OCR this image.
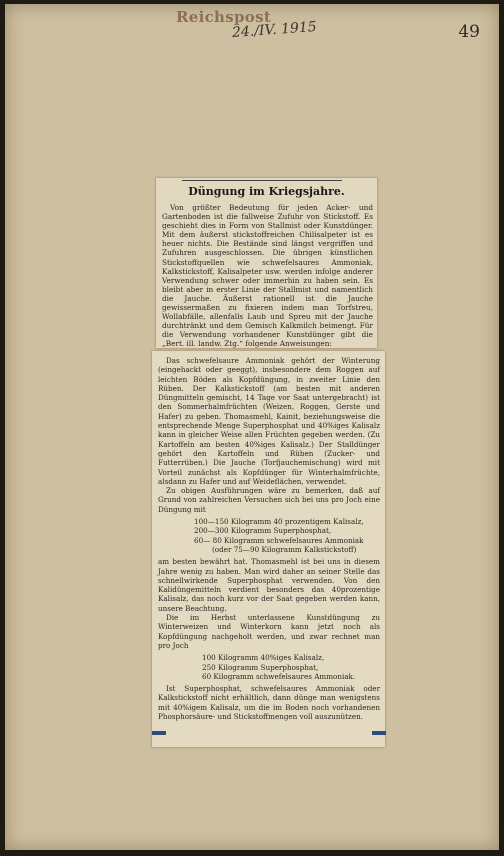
Reichspost
24./IV. 1915	49
Düngung im Kriegsjahre.

Von größter Bedeutung für jeden Acker- und Gartenboden ist die fallweise Zufuhr von Stickstoff. Es geschieht dies in Form von Stallmist oder Kunstdünger. Mit dem äußerst stickstoffreichen Chilisalpeter ist es heuer nichts. Die Bestände sind längst vergriffen und Zufuhren ausgeschlossen. Die übrigen künstlichen Stickstoffquellen wie schwefelsaures Ammoniak, Kalkstickstoff, Kalisalpeter usw. werden infolge anderer Verwendung schwer oder immerhin zu haben sein. Es bleibt aber in erster Linie der Stallmist und namentlich die Jauche. Äußerst rationell ist die Jauche gewissermaßen zu fixieren indem man Torfstreu, Wollabfälle, allenfalls Laub und Spreu mit der Jauche durchtränkt und dem Gemisch Kalkmilch beimengt. Für die Verwendung vorhandener Kunstdünger gibt die „Bert. ill. landw. Ztg.“ folgende Anweisungen:

Das schwefelsaure Ammoniak gehört der Winterung (eingehackt oder geeggt), insbesondere dem Roggen auf leichten Böden als Kopfdüngung, in zweiter Linie den Rüben. Der Kalkstickstoff (am besten mit anderen Düngmitteln gemischt, 14 Tage vor Saat untergebracht) ist den Sommerhalmfrüchten (Weizen, Roggen, Gerste und Hafer) zu geben. Thomasmehl, Kainit, beziehungsweise die entsprechende Menge Superphosphat und 40%iges Kalisalz kann in gleicher Weise allen Früchten gegeben werden. (Zu Kartoffeln am besten 40%iges Kalisalz.) Der Stalldünger gehört den Kartoffeln und Rüben (Zucker- und Futterrüben.) Die Jauche (Torfjauchemischung) wird mit Vorteil zunächst als Kopfdünger für Winterhalmfrüchte, alsdann zu Hafer und auf Weideflächen, verwendet.

Zu obigen Ausführungen wäre zu bemerken, daß auf Grund von zahlreichen Versuchen sich bei uns pro Joch eine Düngung mit

100—150 Kilogramm 40 prozentigem Kalisalz,
200—300 Kilogramm Superphosphat,
60— 80 Kilogramm schwefelsaures Ammoniak
(oder 75—90 Kilogramm Kalkstickstoff)

am besten bewährt hat. Thomasmehl ist bei uns in diesem Jahre wenig zu haben. Man wird daher an seiner Stelle das schnellwirkende Superphosphat verwenden. Von den Kalidüngemitteln verdient besonders das 40prozentige Kalisalz, das noch kurz vor der Saat gegeben werden kann, unsere Beachtung.

Die im Herbst unterlassene Kunstdüngung zu Winterweizen und Winterkorn kann jetzt noch als Kopfdüngung nachgeholt werden, und zwar rechnet man pro Joch

100 Kilogramm 40%iges Kalisalz,
250 Kilogramm Superphosphat,
60 Kilogramm schwefelsaures Ammoniak.

Ist Superphosphat, schwefelsaures Ammoniak oder Kalkstickstoff nicht erhältlich, dann dünge man wenigstens mit 40%igem Kalisalz, um die im Boden noch vorhandenen Phosphorsäure- und Stickstoffmengen voll auszunützen.
